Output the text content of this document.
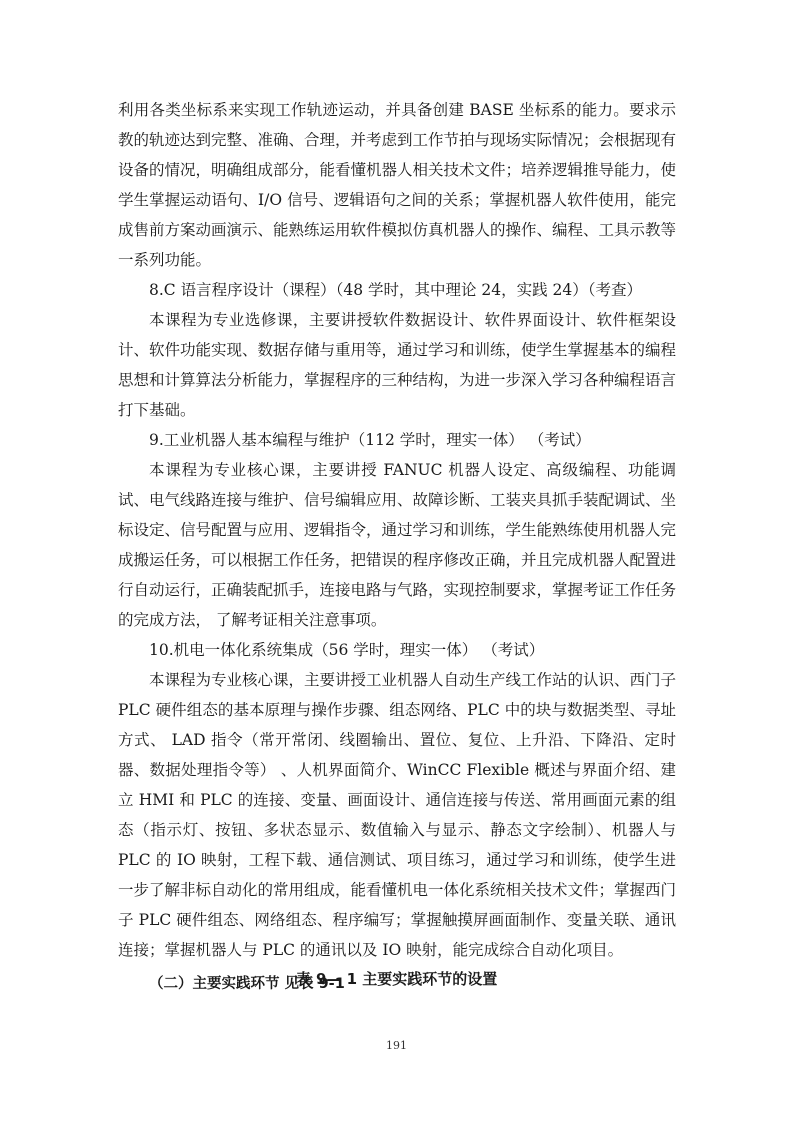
利用各类坐标系来实现工作轨迹运动，并具备创建 BASE 坐标系的能力。要求示教的轨迹达到完整、准确、合理，并考虑到工作节拍与现场实际情况；会根据现有设备的情况，明确组成部分，能看懂机器人相关技术文件；培养逻辑推导能力，使学生掌握运动语句、I/O 信号、逻辑语句之间的关系；掌握机器人软件使用，能完成售前方案动画演示、能熟练运用软件模拟仿真机器人的操作、编程、工具示教等一系列功能。

8.C 语言程序设计（课程）（48 学时，其中理论 24，实践 24）（考查）

本课程为专业选修课，主要讲授软件数据设计、软件界面设计、软件框架设计、软件功能实现、数据存储与重用等，通过学习和训练，使学生掌握基本的编程思想和计算算法分析能力，掌握程序的三种结构，为进一步深入学习各种编程语言打下基础。

9.工业机器人基本编程与维护（112 学时，理实一体） （考试）

本课程为专业核心课，主要讲授 FANUC 机器人设定、高级编程、功能调试、电气线路连接与维护、信号编辑应用、故障诊断、工装夹具抓手装配调试、坐标设定、信号配置与应用、逻辑指令，通过学习和训练，学生能熟练使用机器人完成搬运任务，可以根据工作任务，把错误的程序修改正确，并且完成机器人配置进行自动运行，正确装配抓手，连接电路与气路，实现控制要求，掌握考证工作任务的完成方法， 了解考证相关注意事项。

10.机电一体化系统集成（56 学时，理实一体） （考试）

本课程为专业核心课，主要讲授工业机器人自动生产线工作站的认识、西门子 PLC 硬件组态的基本原理与操作步骤、组态网络、PLC 中的块与数据类型、寻址方式、 LAD 指令（常开常闭、线圈输出、置位、复位、上升沿、下降沿、定时器、数据处理指令等） 、人机界面简介、WinCC Flexible 概述与界面介绍、建立 HMI 和 PLC 的连接、变量、画面设计、通信连接与传送、常用画面元素的组态（指示灯、按钮、多状态显示、数值输入与显示、静态文字绘制）、机器人与 PLC 的 IO 映射，工程下载、通信测试、项目练习，通过学习和训练，使学生进一步了解非标自动化的常用组成，能看懂机电一体化系统相关技术文件；掌握西门子 PLC 硬件组态、网络组态、程序编写；掌握触摸屏画面制作、变量关联、通讯连接；掌握机器人与 PLC 的通讯以及 IO 映射，能完成综合自动化项目。

（二）主要实践环节 见表 9-1

表 9— 1 主要实践环节的设置
191
